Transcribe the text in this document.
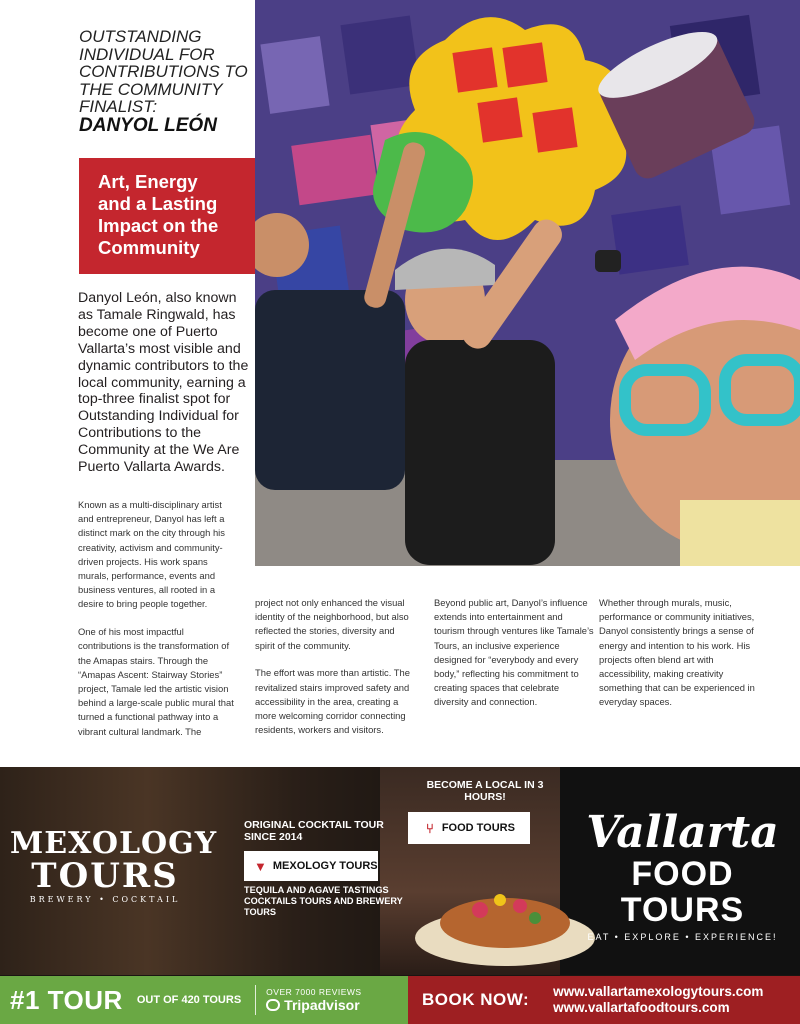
OUTSTANDING INDIVIDUAL FOR CONTRIBUTIONS TO THE COMMUNITY FINALIST:
DANYOL LEÓN
Art, Energy
and a Lasting
Impact on the
Community
Danyol León, also known as Tamale Ringwald, has become one of Puerto Vallarta’s most visible and dynamic contributors to the local community, earning a top-three finalist spot for Outstanding Individual for Contributions to the Community at the We Are Puerto Vallarta Awards.

Known as a multi-disciplinary artist and entrepreneur, Danyol has left a distinct mark on the city through his creativity, activism and community-driven projects. His work spans murals, performance, events and business ventures, all rooted in a desire to bring people together.

One of his most impactful contributions is the transformation of the Amapas stairs. Through the “Amapas Ascent: Stairway Stories” project, Tamale led the artistic vision behind a large-scale public mural that turned a functional pathway into a vibrant cultural landmark. The

project not only enhanced the visual identity of the neighborhood, but also reflected the stories, diversity and spirit of the community.

The effort was more than artistic. The revitalized stairs improved safety and accessibility in the area, creating a more welcoming corridor connecting residents, workers and visitors.

Beyond public art, Danyol’s influence extends into entertainment and tourism through ventures like Tamale’s Tours, an inclusive experience designed for “everybody and every body,” reflecting his commitment to creating spaces that celebrate diversity and connection.

Whether through murals, music, performance or community initiatives, Danyol consistently brings a sense of energy and intention to his work. His projects often blend art with accessibility, making creativity something that can be experienced in everyday spaces.

MEXOLOGY
TOURS
BREWERY • COCKTAIL
ORIGINAL COCKTAIL TOUR SINCE 2014
▼ MEXOLOGY TOURS
TEQUILA AND AGAVE TASTINGS COCKTAILS TOURS AND BREWERY TOURS
BECOME A LOCAL IN 3 HOURS!
⑂ FOOD TOURS Vallarta
FOOD TOURS
EAT • EXPLORE • EXPERIENCE!
#1 TOUR OUT OF 420 TOURS
OVER 7000 REVIEWS
Tripadvisor	BOOK NOW: www.vallartamexologytours.com
www.vallartafoodtours.com
